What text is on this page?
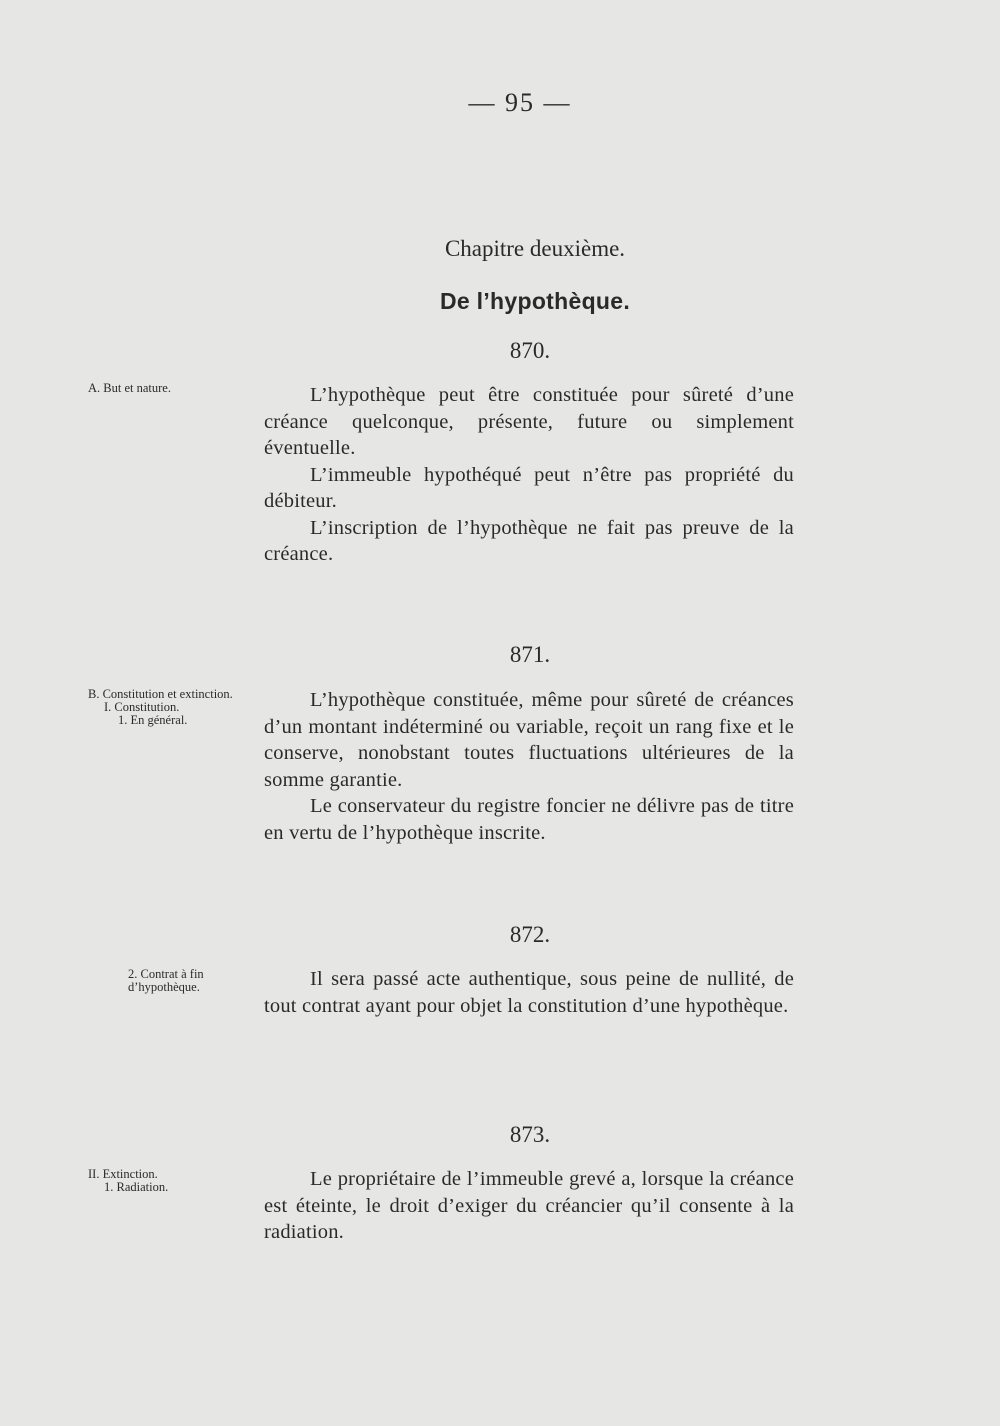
— 95 —
Chapitre deuxième.
De l’hypothèque.
870.
A. But et nature.	L’hypothèque peut être constituée pour sûreté d’une créance quelconque, présente, future ou simplement éventuelle.

L’immeuble hypothéqué peut n’être pas propriété du débiteur.

L’inscription de l’hypothèque ne fait pas preuve de la créance.

871.
B. Constitution et extinction.
I. Constitution.
1. En général.

L’hypothèque constituée, même pour sûreté de créances d’un montant indéterminé ou variable, reçoit un rang fixe et le conserve, nonobstant toutes fluctuations ultérieures de la somme garantie.

Le conservateur du registre foncier ne délivre pas de titre en vertu de l’hypothèque inscrite.

872.
2. Contrat à fin d’hypothèque.	Il sera passé acte authentique, sous peine de nullité, de tout contrat ayant pour objet la constitution d’une hypothèque.

873.
II. Extinction.
1. Radiation.	Le propriétaire de l’immeuble grevé a, lorsque la créance est éteinte, le droit d’exiger du créancier qu’il consente à la radiation.
